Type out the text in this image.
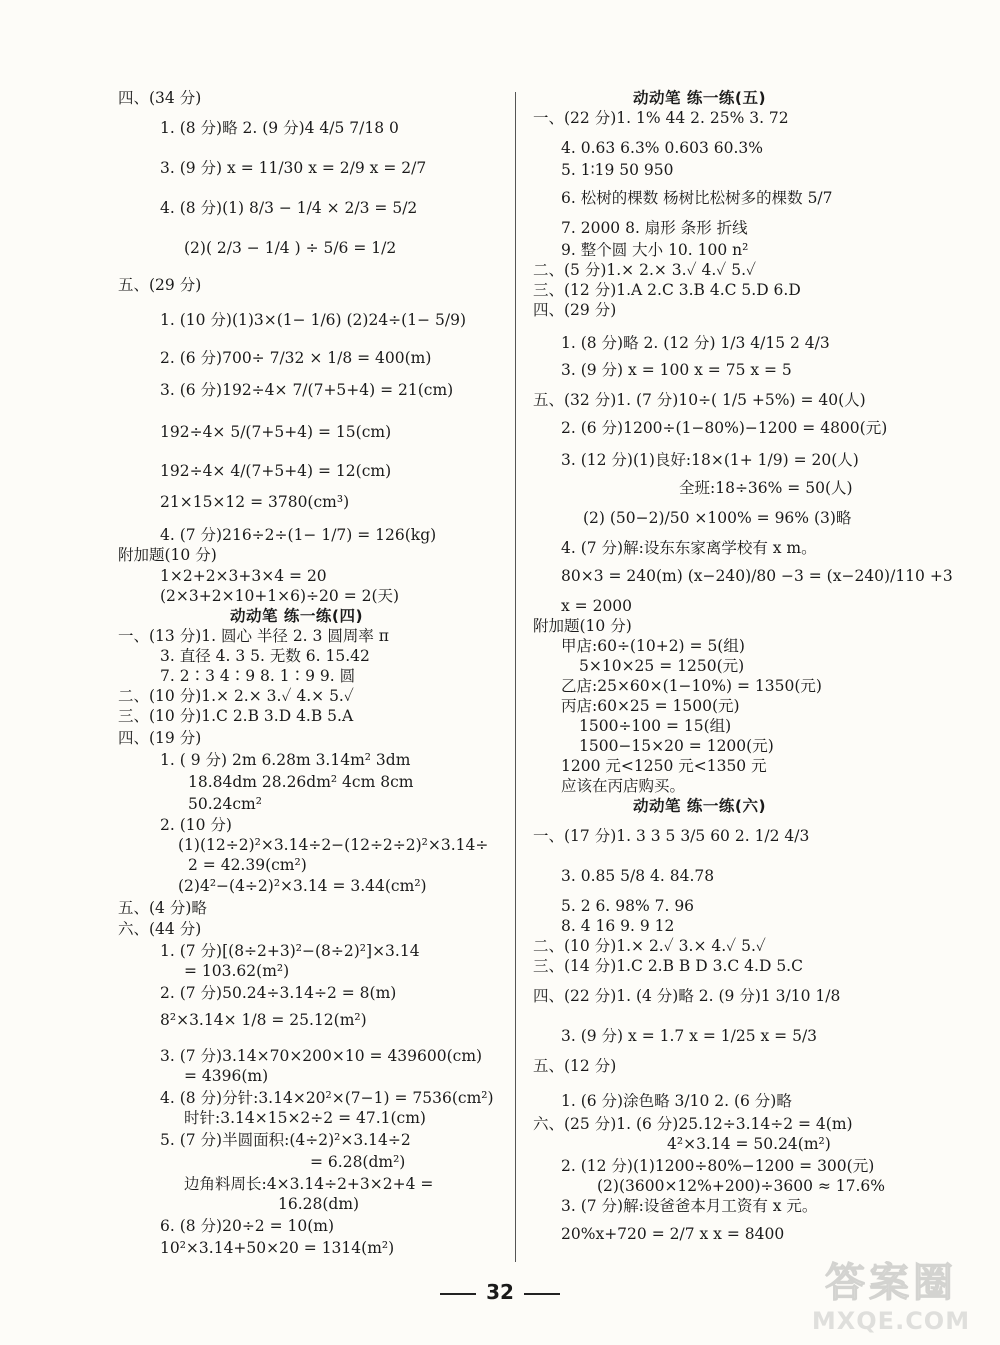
四、(34 分)
1. (8 分)略 2. (9 分)4 4/5 7/18 0
3. (9 分) x = 11/30 x = 2/9 x = 2/7
4. (8 分)(1) 8/3 − 1/4 × 2/3 = 5/2
(2)( 2/3 − 1/4 ) ÷ 5/6 = 1/2
五、(29 分)
1. (10 分)(1)3×(1− 1/6) (2)24÷(1− 5/9)
2. (6 分)700÷ 7/32 × 1/8 = 400(m)
3. (6 分)192÷4× 7/(7+5+4) = 21(cm)
192÷4× 5/(7+5+4) = 15(cm)
192÷4× 4/(7+5+4) = 12(cm)
21×15×12 = 3780(cm³)
4. (7 分)216÷2÷(1− 1/7) = 126(kg)
附加题(10 分)
1×2+2×3+3×4 = 20
(2×3+2×10+1×6)÷20 = 2(天)
动动笔 练一练(四)
一、(13 分)1. 圆心 半径 2. 3 圆周率 π
3. 直径 4. 3 5. 无数 6. 15.42
7. 2∶3 4∶9 8. 1∶9 9. 圆
二、(10 分)1.× 2.× 3.✓ 4.× 5.✓
三、(10 分)1.C 2.B 3.D 4.B 5.A
四、(19 分)
1. ( 9 分) 2m 6.28m 3.14m² 3dm
18.84dm 28.26dm² 4cm 8cm
50.24cm²
2. (10 分)
(1)(12÷2)²×3.14÷2−(12÷2÷2)²×3.14÷
2 = 42.39(cm²)
(2)4²−(4÷2)²×3.14 = 3.44(cm²)
五、(4 分)略
六、(44 分)
1. (7 分)[(8÷2+3)²−(8÷2)²]×3.14
= 103.62(m²)
2. (7 分)50.24÷3.14÷2 = 8(m)
8²×3.14× 1/8 = 25.12(m²)
3. (7 分)3.14×70×200×10 = 439600(cm)
= 4396(m)
4. (8 分)分针:3.14×20²×(7−1) = 7536(cm²)
时针:3.14×15×2÷2 = 47.1(cm)
5. (7 分)半圆面积:(4÷2)²×3.14÷2
= 6.28(dm²)
边角料周长:4×3.14÷2+3×2+4 =
16.28(dm)
6. (8 分)20÷2 = 10(m)
10²×3.14+50×20 = 1314(m²)
动动笔 练一练(五)
一、(22 分)1. 1% 44 2. 25% 3. 72
4. 0.63 6.3% 0.603 60.3%
5. 1∶19 50 950
6. 松树的棵数 杨树比松树多的棵数 5/7
7. 2000 8. 扇形 条形 折线
9. 整个圆 大小 10. 100 n²
二、(5 分)1.× 2.× 3.✓ 4.✓ 5.✓
三、(12 分)1.A 2.C 3.B 4.C 5.D 6.D
四、(29 分)
1. (8 分)略 2. (12 分) 1/3 4/15 2 4/3
3. (9 分) x = 100 x = 75 x = 5
五、(32 分)1. (7 分)10÷( 1/5 +5%) = 40(人)
2. (6 分)1200÷(1−80%)−1200 = 4800(元)
3. (12 分)(1)良好:18×(1+ 1/9) = 20(人)
全班:18÷36% = 50(人)
(2) (50−2)/50 ×100% = 96% (3)略
4. (7 分)解:设东东家离学校有 x m。
80×3 = 240(m) (x−240)/80 −3 = (x−240)/110 +3
x = 2000
附加题(10 分)
甲店:60÷(10+2) = 5(组)
5×10×25 = 1250(元)
乙店:25×60×(1−10%) = 1350(元)
丙店:60×25 = 1500(元)
1500÷100 = 15(组)
1500−15×20 = 1200(元)
1200 元<1250 元<1350 元
应该在丙店购买。
动动笔 练一练(六)
一、(17 分)1. 3 3 5 3/5 60 2. 1/2 4/3
3. 0.85 5/8 4. 84.78
5. 2 6. 98% 7. 96
8. 4 16 9. 9 12
二、(10 分)1.× 2.✓ 3.× 4.✓ 5.✓
三、(14 分)1.C 2.B B D 3.C 4.D 5.C
四、(22 分)1. (4 分)略 2. (9 分)1 3/10 1/8
3. (9 分) x = 1.7 x = 1/25 x = 5/3
五、(12 分)
1. (6 分)涂色略 3/10 2. (6 分)略
六、(25 分)1. (6 分)25.12÷3.14÷2 = 4(m)
4²×3.14 = 50.24(m²)
2. (12 分)(1)1200÷80%−1200 = 300(元)
(2)(3600×12%+200)÷3600 ≈ 17.6%
3. (7 分)解:设爸爸本月工资有 x 元。
20%x+720 = 2/7 x x = 8400
32	答案圈
MXQE.COM
